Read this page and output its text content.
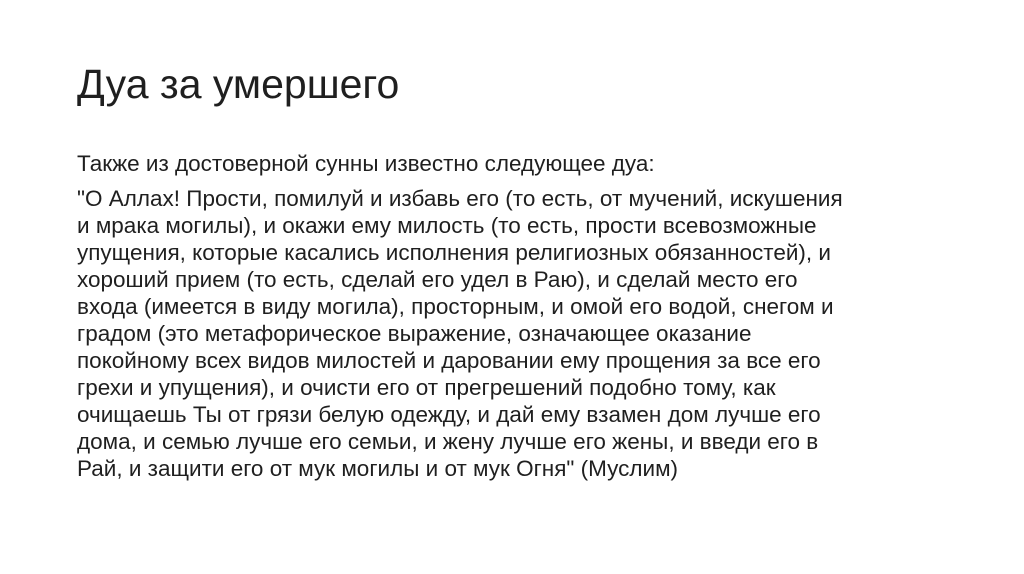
Дуа за умершего

Также из достоверной сунны известно следующее дуа:

"О Аллах! Прости, помилуй и избавь его (то есть, от мучений, искушения
и мрака могилы), и окажи ему милость (то есть, прости всевозможные
упущения, которые касались исполнения религиозных обязанностей), и
хороший прием (то есть, сделай его удел в Раю), и сделай место его
входа (имеется в виду могила), просторным, и омой его водой, снегом и
градом (это метафорическое выражение, означающее оказание
покойному всех видов милостей и даровании ему прощения за все его
грехи и упущения), и очисти его от прегрешений подобно тому, как
очищаешь Ты от грязи белую одежду, и дай ему взамен дом лучше его
дома, и семью лучше его семьи, и жену лучше его жены, и введи его в
Рай, и защити его от мук могилы и от мук Огня" (Муслим)
